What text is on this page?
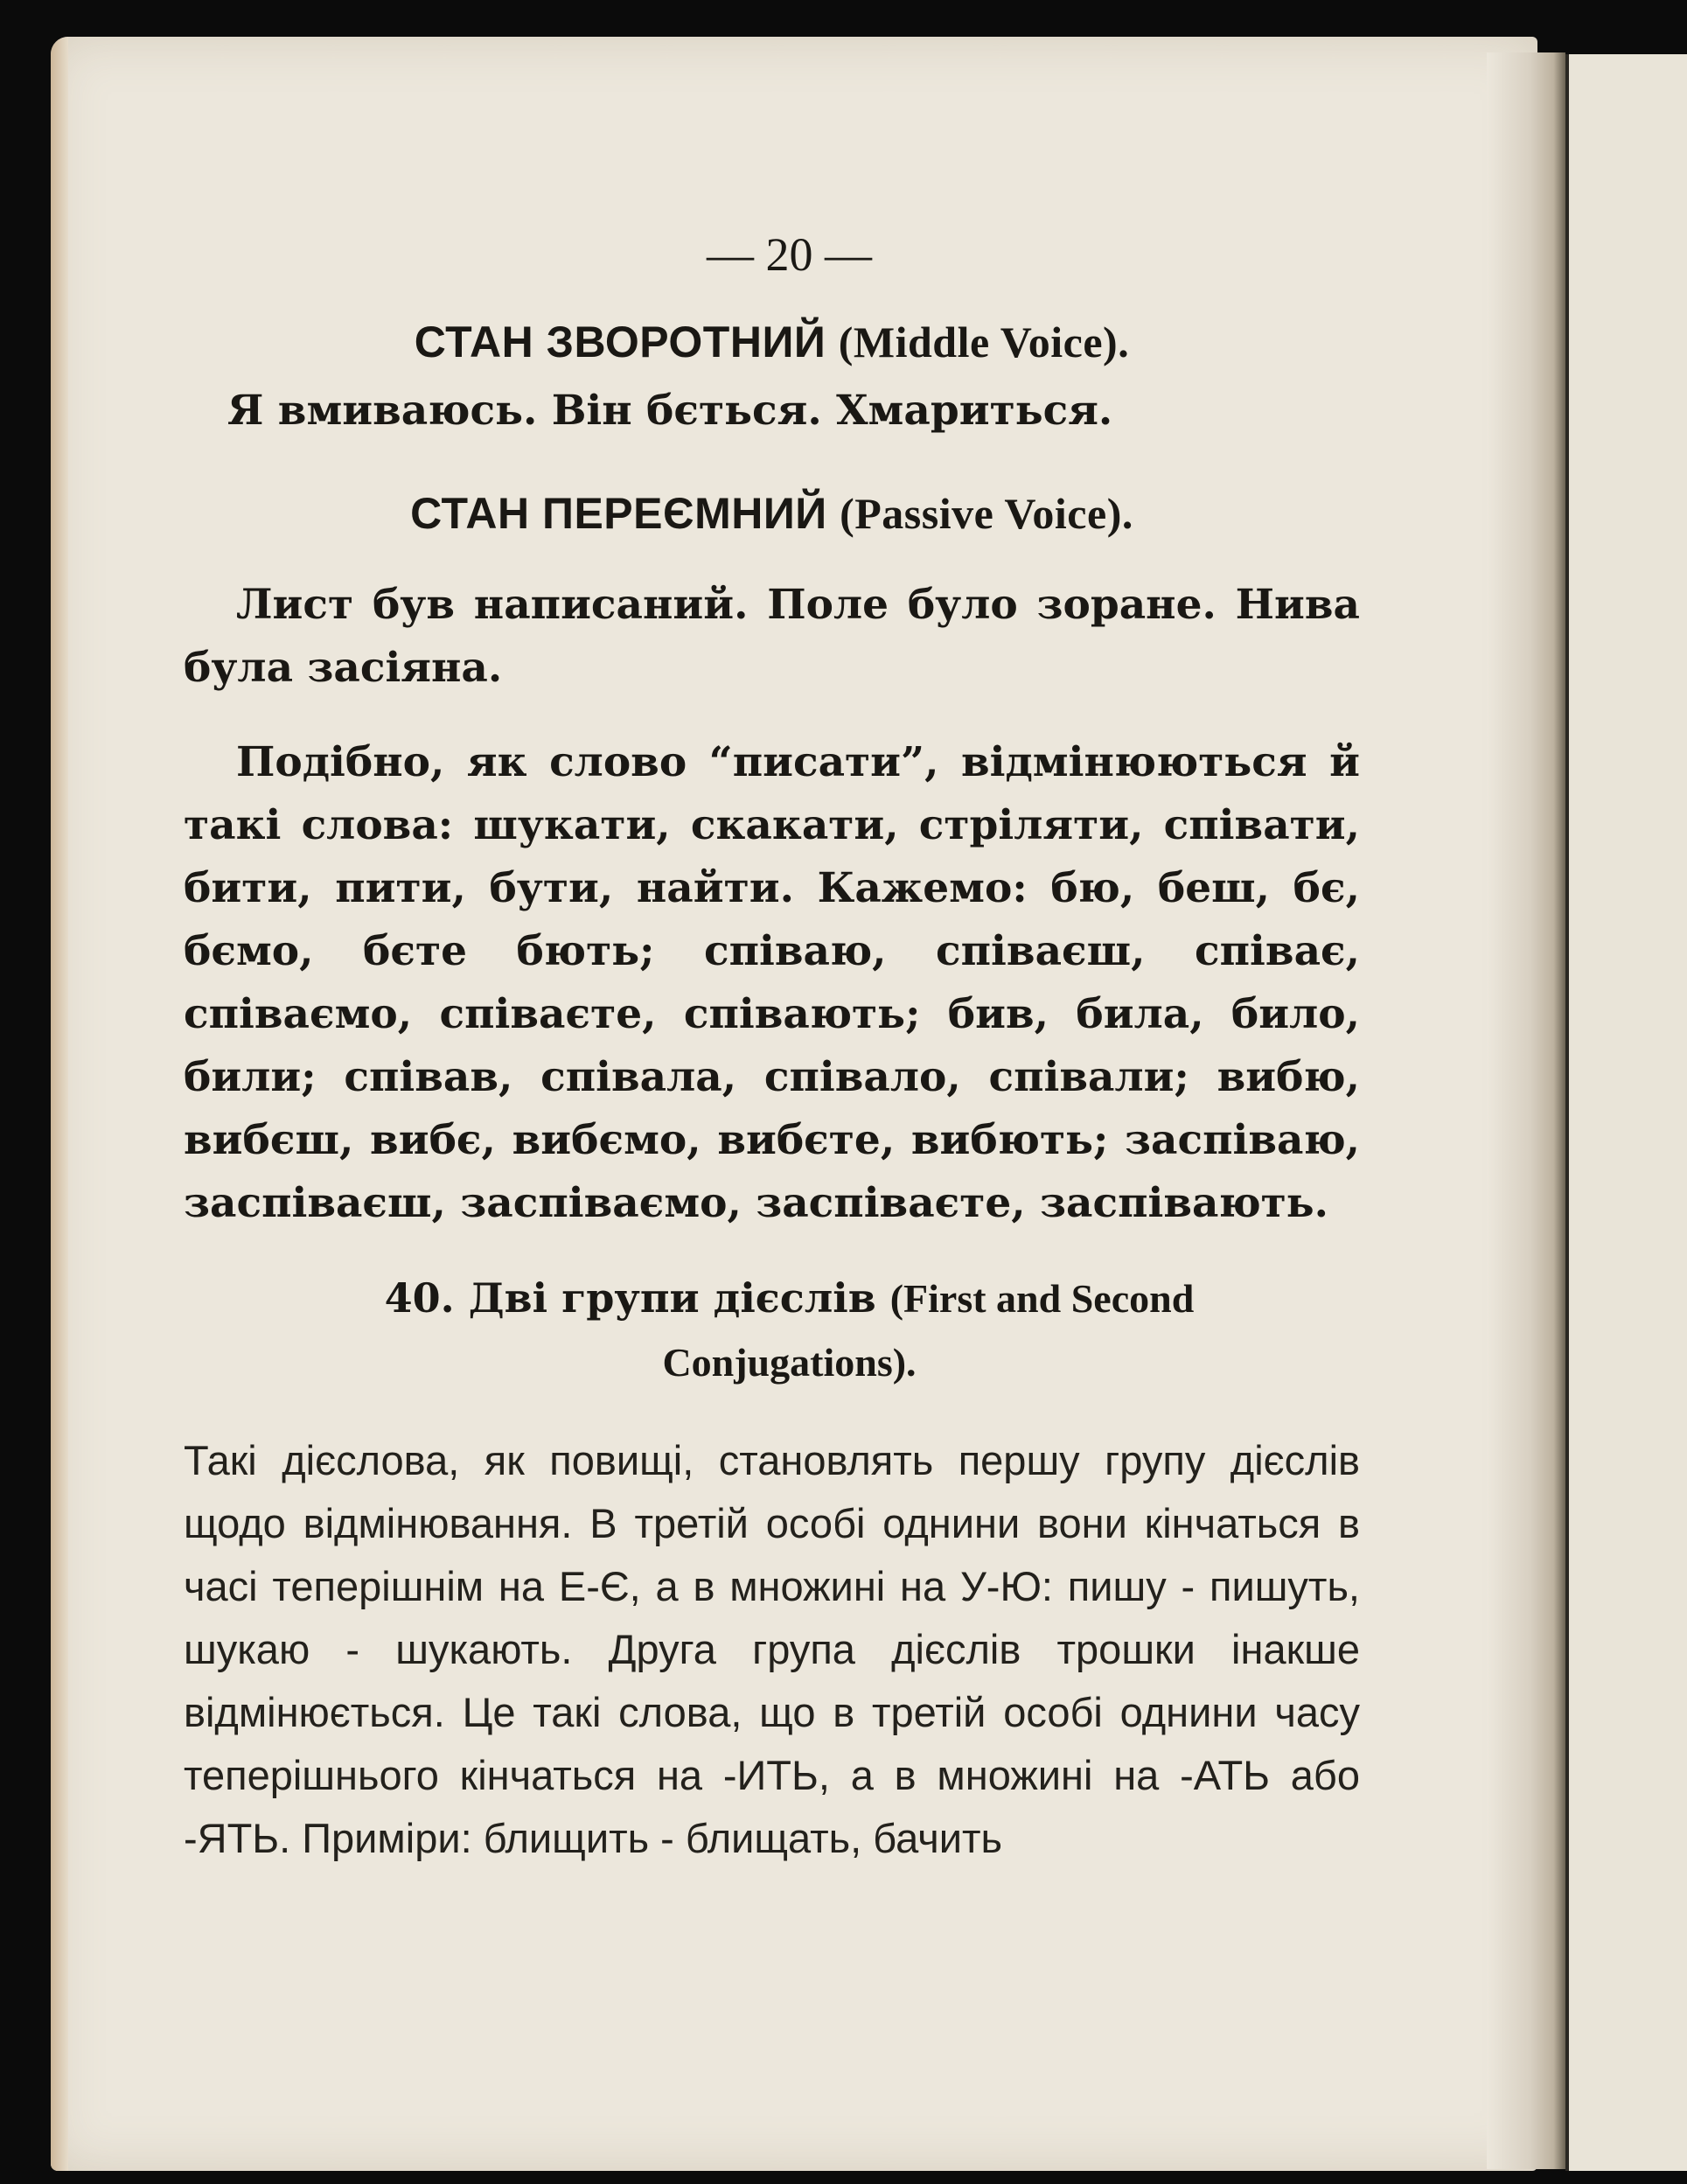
— 20 —
СТАН ЗВОРОТНИЙ (Middle Voice).
Я вмиваюсь. Він бється. Хмариться.
СТАН ПЕРЕЄМНИЙ (Passive Voice).

Лист був написаний. Поле було зоране. Нива була засіяна.

Подібно, як слово “писати”, відмінюються й такі слова: шукати, скакати, стріляти, співати, бити, пити, бути, найти. Кажемо: бю, беш, бє, бємо, бєте бють; співаю, співаєш, співає, співаємо, співаєте, співають; бив, била, било, били; співав, співала, співало, співали; вибю, вибєш, вибє, вибємо, вибєте, вибють; заспіваю, заспіваєш, заспіваємо, заспіваєте, заспівають.

40. Дві групи дієслів (First and Second
Conjugations).

Такі дієслова, як повищі, становлять першу групу дієслів щодо відмінювання. В третій особі однини вони кінчаться в часі теперішнім на Е-Є, а в множині на У-Ю: пишу - пишуть, шукаю - шукають. Друга група дієслів трошки інакше відмінюється. Це такі слова, що в третій особі однини часу теперішнього кінчаться на -ИТЬ, а в множині на -АТЬ або -ЯТЬ. Приміри: блищить - блищать, бачить
